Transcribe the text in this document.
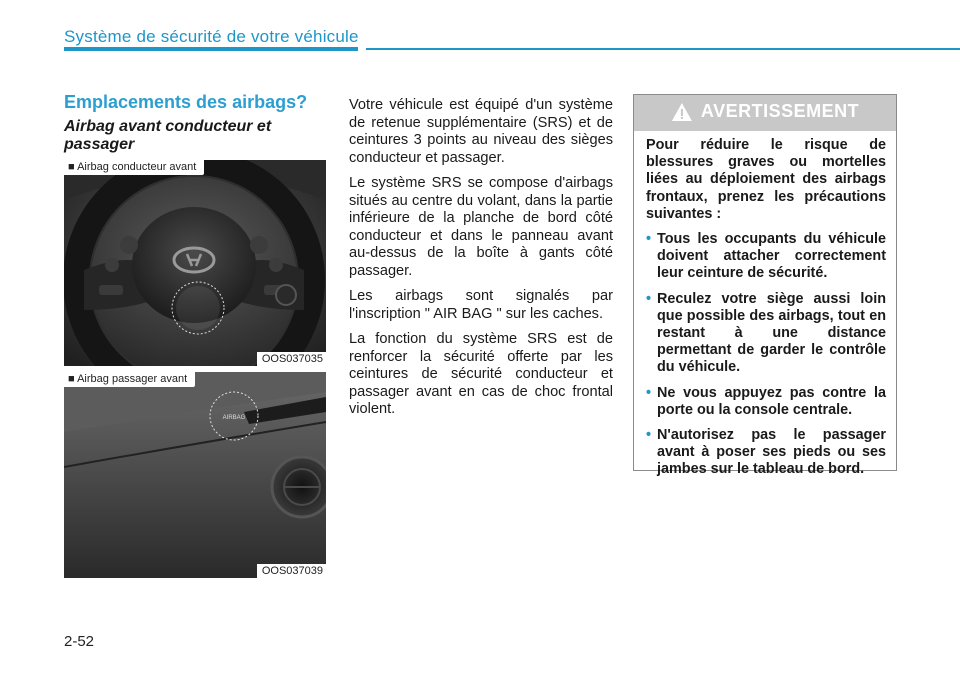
Système de sécurité de votre véhicule
Emplacements des airbags?
Airbag avant conducteur et passager
■ Airbag conducteur avant
OOS037035
AIRBAG
■ Airbag passager avant
OOS037039

Votre véhicule est équipé d'un système de retenue supplémentaire (SRS) et de ceintures 3 points au niveau des sièges conducteur et passager.

Le système SRS se compose d'airbags situés au centre du volant, dans la partie inférieure de la planche de bord côté conducteur et dans le panneau avant au-dessus de la boîte à gants côté passager.

Les airbags sont signalés par l'inscription " AIR BAG " sur les caches.

La fonction du système SRS est de renforcer la sécurité offerte par les ceintures de sécurité conducteur et passager avant en cas de choc frontal violent.

AVERTISSEMENT

Pour réduire le risque de blessures graves ou mortelles liées au déploiement des airbags frontaux, prenez les précautions suivantes :

• Tous les occupants du véhicule doivent attacher correctement leur ceinture de sécurité.
• Reculez votre siège aussi loin que possible des airbags, tout en restant à une distance permettant de garder le contrôle du véhicule.
• Ne vous appuyez pas contre la porte ou la console centrale.
• N'autorisez pas le passager avant à poser ses pieds ou ses jambes sur le tableau de bord.
2-52
